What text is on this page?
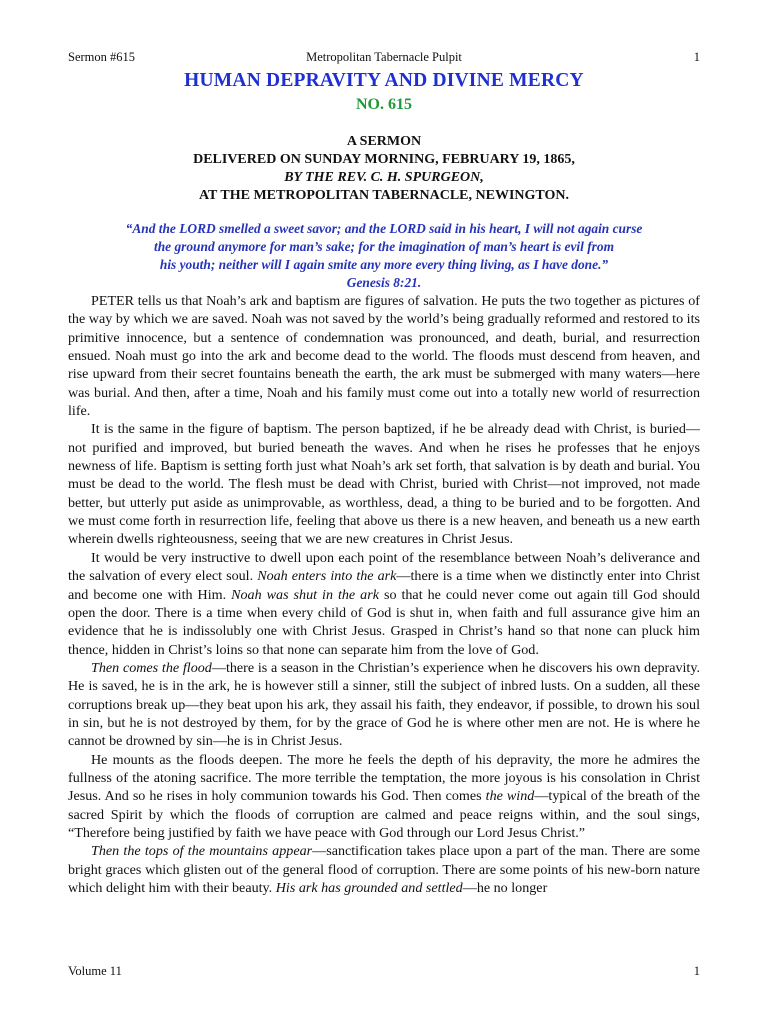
Sermon #615	Metropolitan Tabernacle Pulpit	1
HUMAN DEPRAVITY AND DIVINE MERCY
NO. 615
A SERMON
DELIVERED ON SUNDAY MORNING, FEBRUARY 19, 1865,
BY THE REV. C. H. SPURGEON,
AT THE METROPOLITAN TABERNACLE, NEWINGTON.
“And the LORD smelled a sweet savor; and the LORD said in his heart, I will not again curse
the ground anymore for man’s sake; for the imagination of man’s heart is evil from
his youth; neither will I again smite any more every thing living, as I have done.”
Genesis 8:21.

PETER tells us that Noah’s ark and baptism are figures of salvation. He puts the two together as pictures of the way by which we are saved. Noah was not saved by the world’s being gradually reformed and restored to its primitive innocence, but a sentence of condemnation was pronounced, and death, burial, and resurrection ensued. Noah must go into the ark and become dead to the world. The floods must descend from heaven, and rise upward from their secret fountains beneath the earth, the ark must be submerged with many waters—here was burial. And then, after a time, Noah and his family must come out into a totally new world of resurrection life.

It is the same in the figure of baptism. The person baptized, if he be already dead with Christ, is buried—not purified and improved, but buried beneath the waves. And when he rises he professes that he enjoys newness of life. Baptism is setting forth just what Noah’s ark set forth, that salvation is by death and burial. You must be dead to the world. The flesh must be dead with Christ, buried with Christ—not improved, not made better, but utterly put aside as unimprovable, as worthless, dead, a thing to be buried and to be forgotten. And we must come forth in resurrection life, feeling that above us there is a new heaven, and beneath us a new earth wherein dwells righteousness, seeing that we are new creatures in Christ Jesus.

It would be very instructive to dwell upon each point of the resemblance between Noah’s deliverance and the salvation of every elect soul. Noah enters into the ark—there is a time when we distinctly enter into Christ and become one with Him. Noah was shut in the ark so that he could never come out again till God should open the door. There is a time when every child of God is shut in, when faith and full assurance give him an evidence that he is indissolubly one with Christ Jesus. Grasped in Christ’s hand so that none can pluck him thence, hidden in Christ’s loins so that none can separate him from the love of God.

Then comes the flood—there is a season in the Christian’s experience when he discovers his own depravity. He is saved, he is in the ark, he is however still a sinner, still the subject of inbred lusts. On a sudden, all these corruptions break up—they beat upon his ark, they assail his faith, they endeavor, if possible, to drown his soul in sin, but he is not destroyed by them, for by the grace of God he is where other men are not. He is where he cannot be drowned by sin—he is in Christ Jesus.

He mounts as the floods deepen. The more he feels the depth of his depravity, the more he admires the fullness of the atoning sacrifice. The more terrible the temptation, the more joyous is his consolation in Christ Jesus. And so he rises in holy communion towards his God. Then comes the wind—typical of the breath of the sacred Spirit by which the floods of corruption are calmed and peace reigns within, and the soul sings, “Therefore being justified by faith we have peace with God through our Lord Jesus Christ.”

Then the tops of the mountains appear—sanctification takes place upon a part of the man. There are some bright graces which glisten out of the general flood of corruption. There are some points of his new-born nature which delight him with their beauty. His ark has grounded and settled—he no longer

Volume 11	1
